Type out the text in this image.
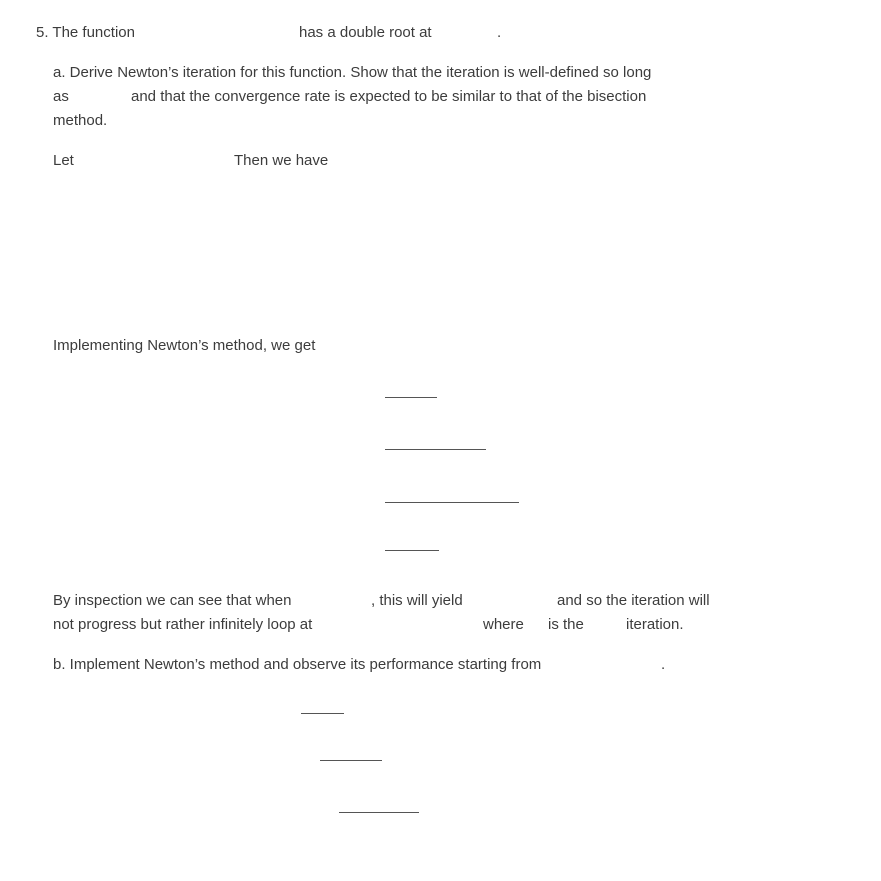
5. The function	has a double root at	.
a. Derive Newton’s iteration for this function. Show that the iteration is well-defined so long
as	and that the convergence rate is expected to be similar to that of the bisection
method.
Let	Then we have
Implementing Newton’s method, we get
By inspection we can see that when	, this will yield	and so the iteration will
not progress but rather infinitely loop at	where is the	iteration.
b. Implement Newton’s method and observe its performance starting from	.
